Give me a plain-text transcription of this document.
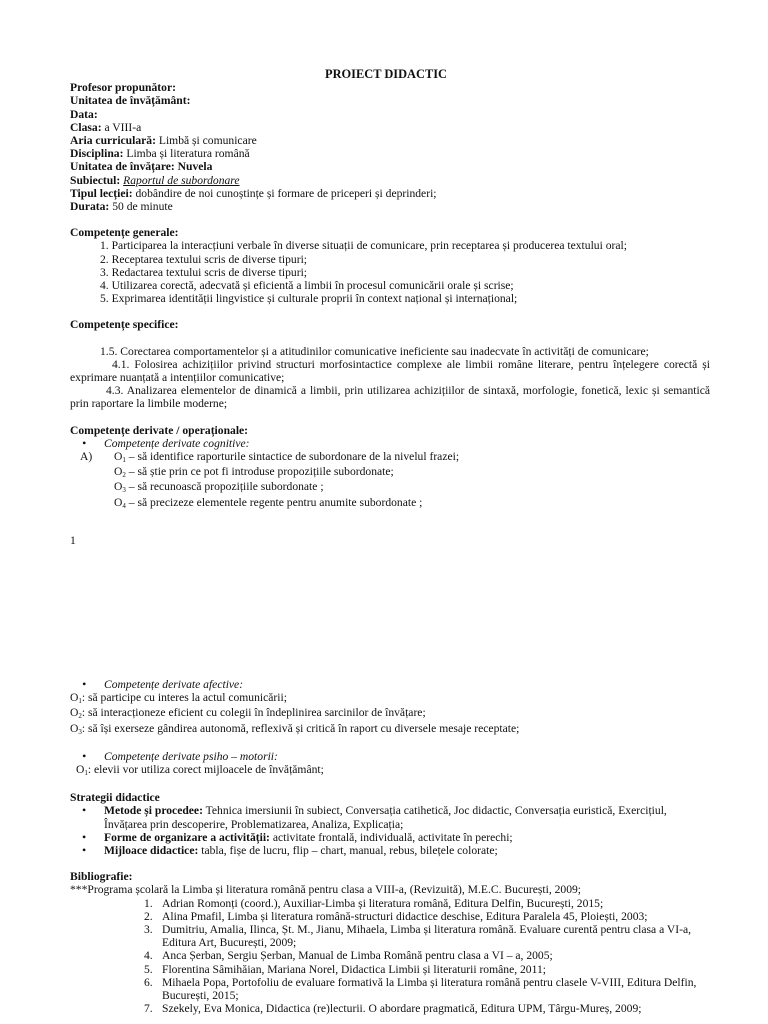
PROIECT DIDACTIC
Profesor propunător:
Unitatea de învățământ:
Data:
Clasa: a VIII-a
Aria curriculară: Limbă și comunicare
Disciplina: Limba și literatura română
Unitatea de învățare: Nuvela
Subiectul: Raportul de subordonare
Tipul lecției: dobândire de noi cunoștințe și formare de priceperi și deprinderi;
Durata: 50 de minute
Competențe generale:
1. Participarea la interacțiuni verbale în diverse situații de comunicare, prin receptarea și producerea textului oral;
2. Receptarea textului scris de diverse tipuri;
3. Redactarea textului scris de diverse tipuri;
4. Utilizarea corectă, adecvată și eficientă a limbii în procesul comunicării orale și scrise;
5. Exprimarea identității lingvistice și culturale proprii în context național și internațional;
Competențe specifice:
1.5. Corectarea comportamentelor și a atitudinilor comunicative ineficiente sau inadecvate în activități de comunicare;
4.1. Folosirea achizițiilor privind structuri morfosintactice complexe ale limbii române literare, pentru înțelegere corectă și exprimare nuanțată a intențiilor comunicative;
4.3. Analizarea elementelor de dinamică a limbii, prin utilizarea achizițiilor de sintaxă, morfologie, fonetică, lexic și semantică prin raportare la limbile moderne;
Competențe derivate / operaționale:
• Competențe derivate cognitive:
A) $O_1$ – să identifice raporturile sintactice de subordonare de la nivelul frazei;
$O_2$ – să știe prin ce pot fi introduse propozițiile subordonate;
$O_3$ – să recunoască propozițiile subordonate ;
$O_4$ – să precizeze elementele regente pentru anumite subordonate ;
1
• Competențe derivate afective:
$O_1$: să participe cu interes la actul comunicării;
$O_2$: să interacționeze eficient cu colegii în îndeplinirea sarcinilor de învățare;
$O_3$: să își exerseze gândirea autonomă, reflexivă și critică în raport cu diversele mesaje receptate;
• Competențe derivate psiho – motorii:
$O_1$: elevii vor utiliza corect mijloacele de învățământ;
Strategii didactice
• Metode și procedee: Tehnica imersiunii în subiect, Conversația catihetică, Joc didactic, Conversația euristică, Exercițiul, Învățarea prin descoperire, Problematizarea, Analiza, Explicația;
• Forme de organizare a activității: activitate frontală, individuală, activitate în perechi;
• Mijloace didactice: tabla, fișe de lucru, flip – chart, manual, rebus, bilețele colorate;
Bibliografie:
***Programa școlară la Limba și literatura română pentru clasa a VIII-a, (Revizuită), M.E.C. București, 2009;
1. Adrian Romonți (coord.), Auxiliar-Limba și literatura română, Editura Delfin, București, 2015;
2. Alina Pmafil, Limba și literatura română-structuri didactice deschise, Editura Paralela 45, Ploiești, 2003;
3. Dumitriu, Amalia, Ilinca, Șt. M., Jianu, Mihaela, Limba și literatura română. Evaluare curentă pentru clasa a VI-a, Editura Art, București, 2009;
4. Anca Șerban, Sergiu Șerban, Manual de Limba Română pentru clasa a VI – a, 2005;
5. Florentina Sâmihăian, Mariana Norel, Didactica Limbii și literaturii române, 2011;
6. Mihaela Popa, Portofoliu de evaluare formativă la Limba și literatura română pentru clasele V-VIII, Editura Delfin, București, 2015;
7. Szekely, Eva Monica, Didactica (re)lecturii. O abordare pragmatică, Editura UPM, Târgu-Mureș, 2009;
